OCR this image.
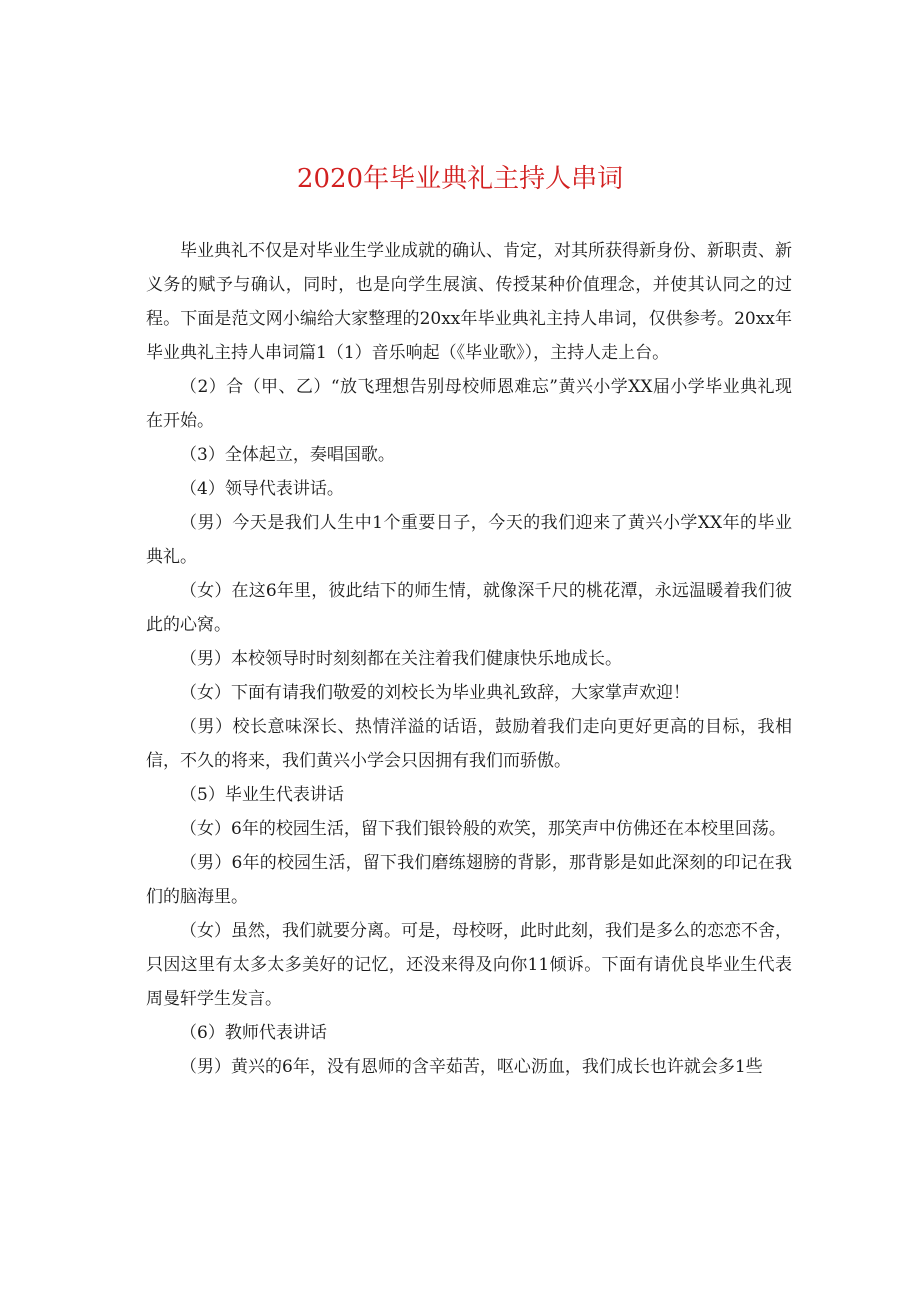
2020年毕业典礼主持人串词

毕业典礼不仅是对毕业生学业成就的确认、肯定，对其所获得新身份、新职责、新义务的赋予与确认，同时，也是向学生展演、传授某种价值理念，并使其认同之的过程。下面是范文网小编给大家整理的20xx年毕业典礼主持人串词，仅供参考。20xx年毕业典礼主持人串词篇1（1）音乐响起（《毕业歌》），主持人走上台。

（2）合（甲、乙）“放飞理想告别母校师恩难忘”黄兴小学XX届小学毕业典礼现在开始。

（3）全体起立，奏唱国歌。

（4）领导代表讲话。

（男）今天是我们人生中1个重要日子，今天的我们迎来了黄兴小学XX年的毕业典礼。

（女）在这6年里，彼此结下的师生情，就像深千尺的桃花潭，永远温暖着我们彼此的心窝。

（男）本校领导时时刻刻都在关注着我们健康快乐地成长。

（女）下面有请我们敬爱的刘校长为毕业典礼致辞，大家掌声欢迎！

（男）校长意味深长、热情洋溢的话语，鼓励着我们走向更好更高的目标，我相信，不久的将来，我们黄兴小学会只因拥有我们而骄傲。

（5）毕业生代表讲话

（女）6年的校园生活，留下我们银铃般的欢笑，那笑声中仿佛还在本校里回荡。

（男）6年的校园生活，留下我们磨练翅膀的背影，那背影是如此深刻的印记在我们的脑海里。

（女）虽然，我们就要分离。可是，母校呀，此时此刻，我们是多么的恋恋不舍，只因这里有太多太多美好的记忆，还没来得及向你11倾诉。下面有请优良毕业生代表周曼轩学生发言。

（6）教师代表讲话

（男）黄兴的6年，没有恩师的含辛茹苦，呕心沥血，我们成长也许就会多1些
